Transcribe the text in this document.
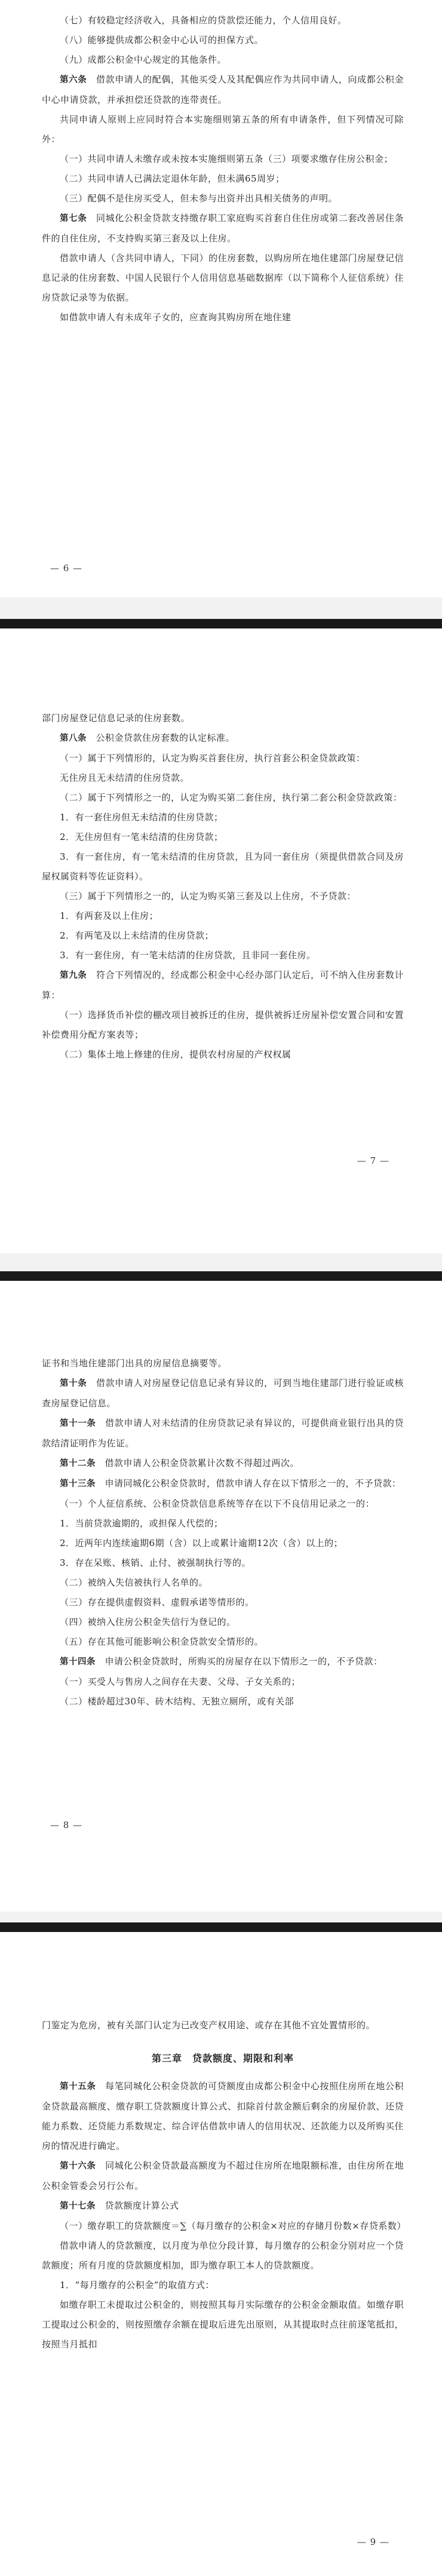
（七）有较稳定经济收入，具备相应的贷款偿还能力，个人信用良好。

（八）能够提供成都公积金中心认可的担保方式。

（九）成都公积金中心规定的其他条件。

第六条　 借款申请人的配偶，其他买受人及其配偶应作为共同申请人，向成都公积金中心申请贷款，并承担偿还贷款的连带责任。

共同申请人原则上应同时符合本实施细则第五条的所有申请条件，但下列情况可除外：

（一）共同申请人未缴存或未按本实施细则第五条（三）项要求缴存住房公积金；

（二）共同申请人已满法定退休年龄，但未满65周岁；

（三）配偶不是住房买受人，但未参与出资并出具相关债务的声明。

第七条　 同城化公积金贷款支持缴存职工家庭购买首套自住住房或第二套改善居住条件的自住住房，不支持购买第三套及以上住房。

借款申请人（含共同申请人，下同）的住房套数，以购房所在地住建部门房屋登记信息记录的住房套数、中国人民银行个人信用信息基础数据库（以下简称个人征信系统）住房贷款记录等为依据。

如借款申请人有未成年子女的，应查询其购房所在地住建

— 6 —

部门房屋登记信息记录的住房套数。

第八条　 公积金贷款住房套数的认定标准。

（一）属于下列情形的，认定为购买首套住房，执行首套公积金贷款政策：

无住房且无未结清的住房贷款。

（二）属于下列情形之一的，认定为购买第二套住房，执行第二套公积金贷款政策：

1．有一套住房但无未结清的住房贷款；

2．无住房但有一笔未结清的住房贷款；

3．有一套住房，有一笔未结清的住房贷款，且为同一套住房（须提供借款合同及房屋权属资料等佐证资料）。

（三）属于下列情形之一的，认定为购买第三套及以上住房，不予贷款：

1．有两套及以上住房；

2．有两笔及以上未结清的住房贷款；

3．有一套住房，有一笔未结清的住房贷款，且非同一套住房。

第九条　 符合下列情况的，经成都公积金中心经办部门认定后，可不纳入住房套数计算：

（一）选择货币补偿的棚改项目被拆迁的住房，提供被拆迁房屋补偿安置合同和安置补偿费用分配方案表等；

（二）集体土地上修建的住房，提供农村房屋的产权权属

— 7 —

证书和当地住建部门出具的房屋信息摘要等。

第十条　 借款申请人对房屋登记信息记录有异议的，可到当地住建部门进行验证或核查房屋登记信息。

第十一条　 借款申请人对未结清的住房贷款记录有异议的，可提供商业银行出具的贷款结清证明作为佐证。

第十二条　 借款申请人公积金贷款累计次数不得超过两次。

第十三条　 申请同城化公积金贷款时，借款申请人存在以下情形之一的，不予贷款：

（一）个人征信系统、公积金贷款信息系统等存在以下不良信用记录之一的：

1．当前贷款逾期的，或担保人代偿的；

2．近两年内连续逾期6期（含）以上或累计逾期12次（含）以上的；

3．存在呆账、核销、止付、被强制执行等的。

（二）被纳入失信被执行人名单的。

（三）存在提供虚假资料、虚假承诺等情形的。

（四）被纳入住房公积金失信行为登记的。

（五）存在其他可能影响公积金贷款安全情形的。

第十四条　 申请公积金贷款时，所购买的房屋存在以下情形之一的，不予贷款：

（一）买受人与售房人之间存在夫妻、父母、子女关系的；

（二）楼龄超过30年、砖木结构、无独立厕所，或有关部

— 8 —

门鉴定为危房，被有关部门认定为已改变产权用途、或存在其他不宜处置情形的。

第三章　贷款额度、期限和利率

第十五条　 每笔同城化公积金贷款的可贷额度由成都公积金中心按照住房所在地公积金贷款最高额度、缴存职工贷款额度计算公式、扣除首付款金额后剩余的房屋价款、还贷能力系数、还贷能力系数规定、综合评估借款申请人的信用状况、还款能力以及所购买住房的情况进行确定。

第十六条　 同城化公积金贷款最高额度为不超过住房所在地限额标准，由住房所在地公积金管委会另行公布。

第十七条　 贷款额度计算公式

（一）缴存职工的贷款额度＝∑（每月缴存的公积金×对应的存储月份数×存贷系数）

借款申请人的贷款额度，以月度为单位分段计算，每月缴存的公积金分别对应一个贷款额度；所有月度的贷款额度相加，即为缴存职工本人的贷款额度。

1．“每月缴存的公积金”的取值方式：

如缴存职工未提取过公积金的，则按照其每月实际缴存的公积金金额取值。如缴存职工提取过公积金的，则按照缴存余额在提取后进先出原则，从其提取时点往前逐笔抵扣，按照当月抵扣

— 9 —
